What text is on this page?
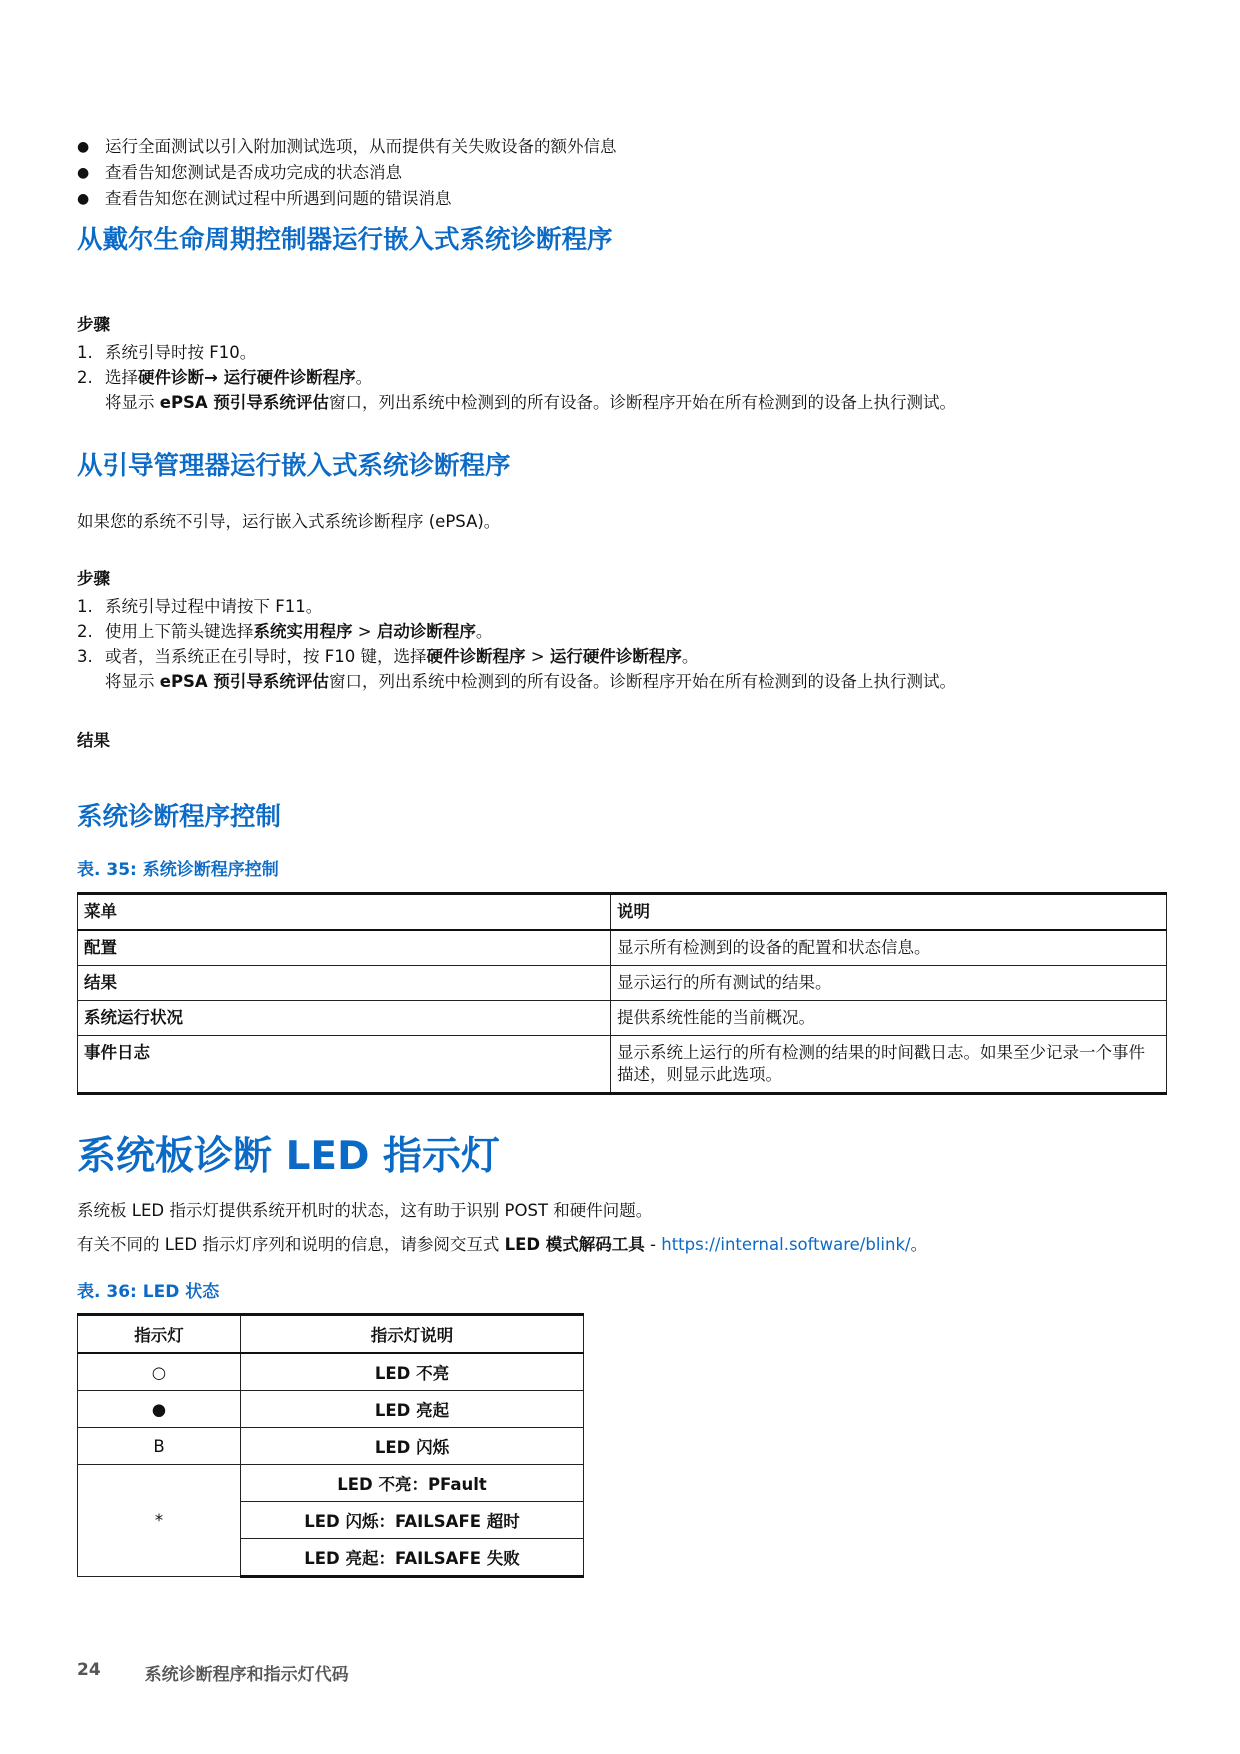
● 运行全面测试以引入附加测试选项，从而提供有关失败设备的额外信息
● 查看告知您测试是否成功完成的状态消息
● 查看告知您在测试过程中所遇到问题的错误消息
从戴尔生命周期控制器运行嵌入式系统诊断程序
步骤
1. 系统引导时按 F10。
2. 选择硬件诊断→ 运行硬件诊断程序。
将显示 ePSA 预引导系统评估窗口，列出系统中检测到的所有设备。诊断程序开始在所有检测到的设备上执行测试。
从引导管理器运行嵌入式系统诊断程序
如果您的系统不引导，运行嵌入式系统诊断程序 (ePSA)。
步骤
1. 系统引导过程中请按下 F11。
2. 使用上下箭头键选择系统实用程序 > 启动诊断程序。
3. 或者，当系统正在引导时，按 F10 键，选择硬件诊断程序 > 运行硬件诊断程序。
将显示 ePSA 预引导系统评估窗口，列出系统中检测到的所有设备。诊断程序开始在所有检测到的设备上执行测试。
结果
系统诊断程序控制
表. 35: 系统诊断程序控制
菜单	说明
配置	显示所有检测到的设备的配置和状态信息。
结果	显示运行的所有测试的结果。
系统运行状况	提供系统性能的当前概况。
事件日志	显示系统上运行的所有检测的结果的时间戳日志。如果至少记录一个事件描述，则显示此选项。
系统板诊断 LED 指示灯
系统板 LED 指示灯提供系统开机时的状态，这有助于识别 POST 和硬件问题。
有关不同的 LED 指示灯序列和说明的信息，请参阅交互式 LED 模式解码工具 - https://internal.software/blink/。
表. 36: LED 状态
指示灯	指示灯说明
○	LED 不亮
●	LED 亮起
B	LED 闪烁
*	LED 不亮：PFault
	LED 闪烁：FAILSAFE 超时
	LED 亮起：FAILSAFE 失败
24	系统诊断程序和指示灯代码
